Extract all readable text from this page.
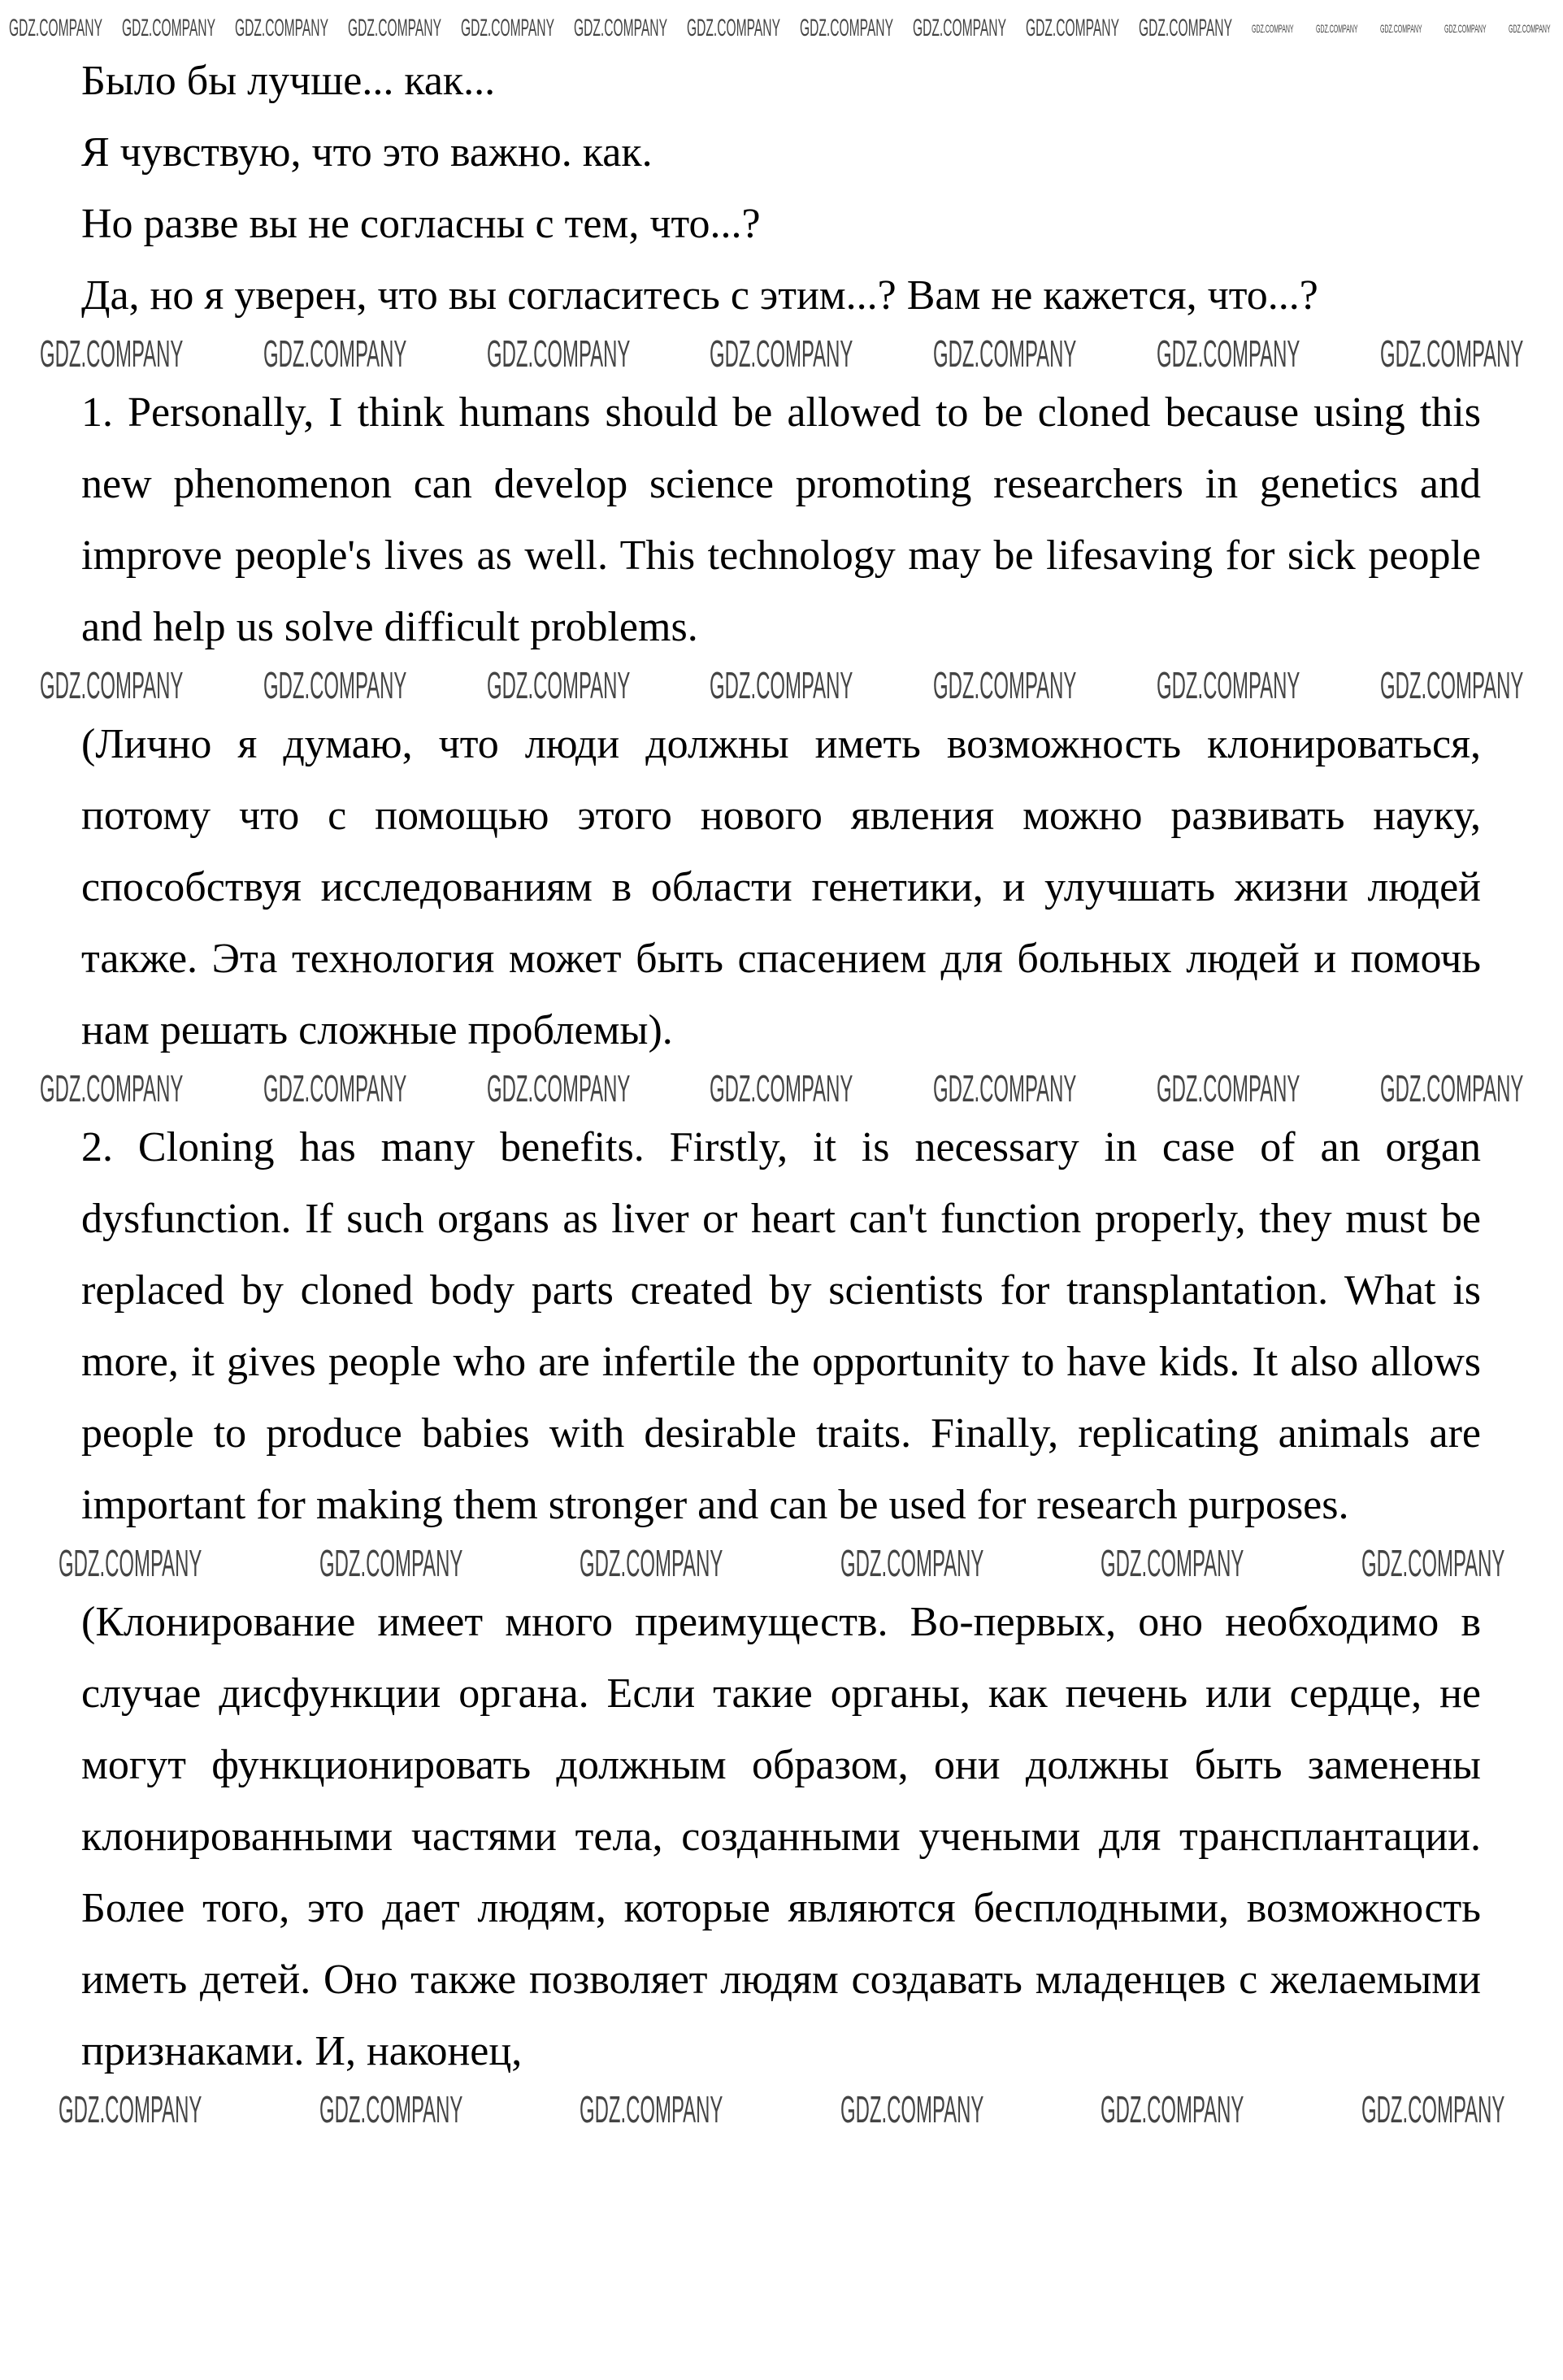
GDZ.COMPANY GDZ.COMPANY GDZ.COMPANY GDZ.COMPANY GDZ.COMPANY GDZ.COMPANY GDZ.COMPANY GDZ.COMPANY GDZ.COMPANY GDZ.COMPANY GDZ.COMPANY GDZ.COMPANY GDZ.COMPANY GDZ.COMPANY GDZ.COMPANY GDZ.COMPANY

Было бы лучше... как...

Я чувствую, что это важно. как.

Но разве вы не согласны с тем, что...?

Да, но я уверен, что вы согласитесь с этим...? Вам не кажется, что...?

GDZ.COMPANY GDZ.COMPANY GDZ.COMPANY GDZ.COMPANY GDZ.COMPANY GDZ.COMPANY GDZ.COMPANY

1. Personally, I think humans should be allowed to be cloned because using this new phenomenon can develop science promoting researchers in genetics and improve people's lives as well. This technology may be lifesaving for sick people and help us solve difficult problems.

GDZ.COMPANY GDZ.COMPANY GDZ.COMPANY GDZ.COMPANY GDZ.COMPANY GDZ.COMPANY GDZ.COMPANY

(Лично я думаю, что люди должны иметь возможность клонироваться, потому что с помощью этого нового явления можно развивать науку, способствуя исследованиям в области генетики, и улучшать жизни людей также. Эта технология может быть спасением для больных людей и помочь нам решать сложные проблемы).

GDZ.COMPANY GDZ.COMPANY GDZ.COMPANY GDZ.COMPANY GDZ.COMPANY GDZ.COMPANY GDZ.COMPANY

2. Cloning has many benefits. Firstly, it is necessary in case of an organ dysfunction. If such organs as liver or heart can't function properly, they must be replaced by cloned body parts created by scientists for transplantation. What is more, it gives people who are infertile the opportunity to have kids. It also allows people to produce babies with desirable traits. Finally, replicating animals are important for making them stronger and can be used for research purposes.

GDZ.COMPANY	GDZ.COMPANY	GDZ.COMPANY	GDZ.COMPANY	GDZ.COMPANY	GDZ.COMPANY

(Клонирование имеет много преимуществ. Во-первых, оно необходимо в случае дисфункции органа. Если такие органы, как печень или сердце, не могут функционировать должным образом, они должны быть заменены клонированными частями тела, созданными учеными для трансплантации. Более того, это дает людям, которые являются бесплодными, возможность иметь детей. Оно также позволяет людям создавать младенцев с желаемыми признаками. И, наконец,

GDZ.COMPANY	GDZ.COMPANY	GDZ.COMPANY	GDZ.COMPANY	GDZ.COMPANY	GDZ.COMPANY
